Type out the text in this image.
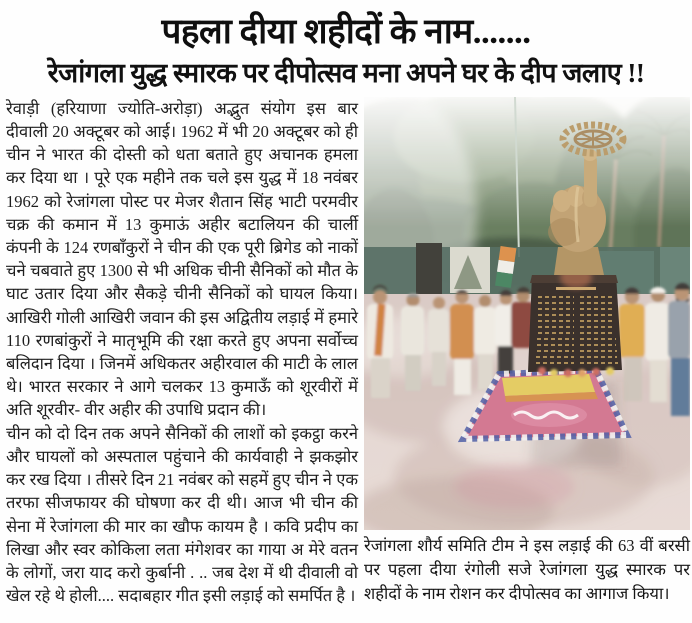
पहला दीया शहीदों के नाम.......
रेजांगला युद्ध स्मारक पर दीपोत्सव मना अपने घर के दीप जलाए !!

रेवाड़ी (हरियाणा ज्योति-अरोड़ा) अद्भुत संयोग इस बार दीवाली 20 अक्टूबर को आई। 1962 में भी 20 अक्टूबर को ही चीन ने भारत की दोस्ती को धता बताते हुए अचानक हमला कर दिया था । पूरे एक महीने तक चले इस युद्ध में 18 नवंबर 1962 को रेजांगला पोस्ट पर मेजर शैतान सिंह भाटी परमवीर चक्र की कमान में 13 कुमाऊं अहीर बटालियन की चार्ली कंपनी के 124 रणबाँकुरों ने चीन की एक पूरी ब्रिगेड को नाकों चने चबवाते हुए 1300 से भी अधिक चीनी सैनिकों को मौत के घाट उतार दिया और सैकड़े चीनी सैनिकों को घायल किया। आखिरी गोली आखिरी जवान की इस अद्वितीय लड़ाई में हमारे 110 रणबांकुरों ने मातृभूमि की रक्षा करते हुए अपना सर्वोच्च बलिदान दिया । जिनमें अधिकतर अहीरवाल की माटी के लाल थे। भारत सरकार ने आगे चलकर 13 कुमाऊँ को शूरवीरों में अति शूरवीर- वीर अहीर की उपाधि प्रदान की।

चीन को दो दिन तक अपने सैनिकों की लाशों को इकट्ठा करने और घायलों को अस्पताल पहुंचाने की कार्यवाही ने झकझोर कर रख दिया । तीसरे दिन 21 नवंबर को सहमें हुए चीन ने एक तरफा सीजफायर की घोषणा कर दी थी। आज भी चीन की सेना में रेजांगला की मार का खौफ कायम है । कवि प्रदीप का लिखा और स्वर कोकिला लता मंगेशवर का गाया अ मेरे वतन के लोगों, जरा याद करो कुर्बानी . .. जब देश में थी दीवाली वो खेल रहे थे होली.... सदाबहार गीत इसी लड़ाई को समर्पित है ।

रेजांगला शौर्य समिति टीम ने इस लड़ाई की 63 वीं बरसी पर पहला दीया रंगोली सजे रेजांगला युद्ध स्मारक पर शहीदों के नाम रोशन कर दीपोत्सव का आगाज किया।
